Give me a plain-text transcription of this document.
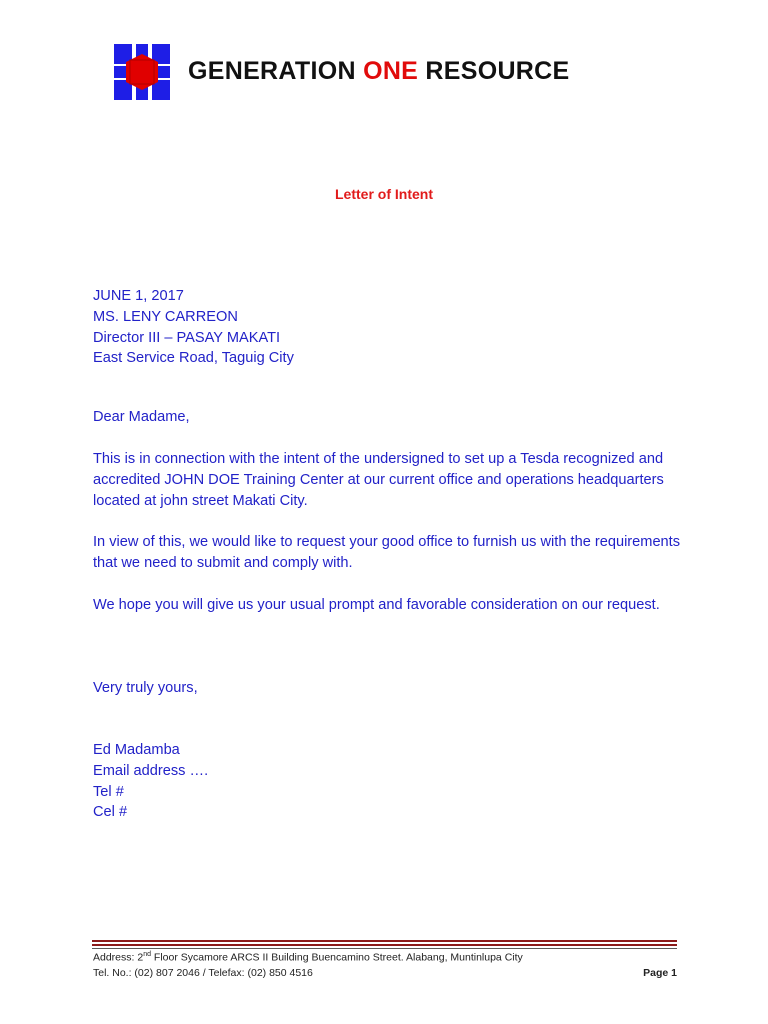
GENERATION ONE RESOURCE
Letter of Intent

JUNE 1, 2017

MS. LENY CARREON

Director III – PASAY MAKATI

East Service Road, Taguig City

Dear Madame,
This is in connection with the intent of the undersigned to set up a Tesda recognized and accredited JOHN DOE Training Center at our current office and operations headquarters located at john street Makati City.
In view of this, we would like to request your good office to furnish us with the requirements that we need to submit and comply with.
We hope you will give us your usual prompt and favorable consideration on our request.
Very truly yours,

Ed Madamba

Email address ….

Tel #

Cel #

Address: 2nd Floor Sycamore ARCS II Building Buencamino Street. Alabang, Muntinlupa City
Tel. No.: (02) 807 2046 / Telefax: (02) 850 4516	Page 1
